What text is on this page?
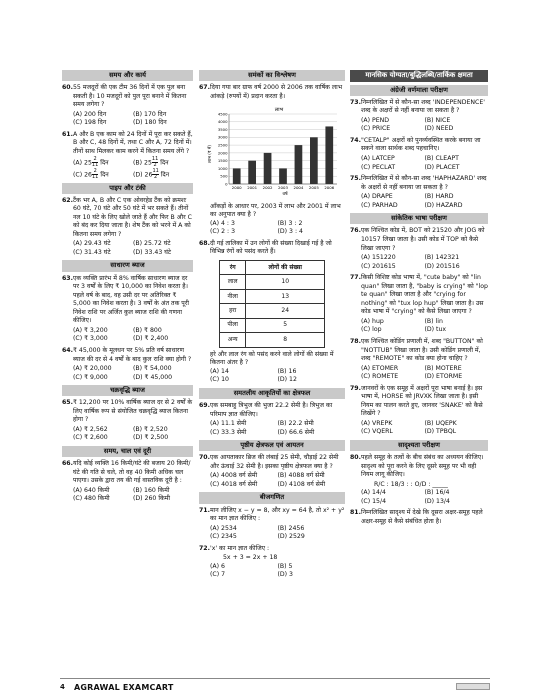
समय और कार्य
60. 55 मजदूरों की एक टीम 36 दिनों में एक पुल बना सकती है। 10 मजदूरों को पुल पूरा बनाने में कितना समय लगेगा ?
(A) 200 दिन	(B) 170 दिन
(C) 198 दिन	(D) 180 दिन
61. A और B एक काम को 24 दिनों में पूरा कर सकते हैं, B और C, 48 दिनों में, तथा C और A, 72 दिनों में। तीनों साथ मिलकर काम करने में कितना समय लेंगे ?
(A) $25 \frac{2}{11}$ दिन	(B) $25 \frac{11}{2}$ दिन
(C) $26 \frac{2}{11}$ दिन	(D) $26 \frac{11}{2}$ दिन
पाइप और टंकी
62. टैंक भर A, B और C एक ओवरहेड टैंक को क्रमशः 60 घंटे, 70 घंटे और 50 घंटे में भर सकते हैं। तीनों नल 10 घंटे के लिए खोले जाते हैं और फिर B और C को बंद कर दिया जाता है। शेष टैंक को भरने में A को कितना समय लगेगा ?
(A) 29.43 घंटे	(B) 25.72 घंटे
(C) 31.43 घंटे	(D) 33.43 घंटे
साधारण ब्याज
63. एक व्यक्ति प्रारंभ में 8% वार्षिक साधारण ब्याज दर पर 3 वर्षों के लिए ₹ 10,000 का निवेश करता है। पहले वर्ष के बाद, वह उसी दर पर अतिरिक्त ₹ 5,000 का निवेश करता है। 3 वर्षों के अंत तक पूरी निवेश राशि पर अर्जित कुल ब्याज राशि की गणना कीजिए।
(A) ₹ 3,200	(B) ₹ 800
(C) ₹ 3,000	(D) ₹ 2,400
64. ₹ 45,000 के मूलधन पर 5% प्रति वर्ष साधारण ब्याज की दर से 4 वर्षों के बाद कुल राशि क्या होगी ?
(A) ₹ 20,000	(B) ₹ 54,000
(C) ₹ 9,000	(D) ₹ 45,000
चक्रवृद्धि ब्याज
65. ₹ 12,200 पर 10% वार्षिक ब्याज दर से 2 वर्षों के लिए वार्षिक रूप से संयोजित चक्रवृद्धि ब्याज कितना होगा ?
(A) ₹ 2,562	(B) ₹ 2,520
(C) ₹ 2,600	(D) ₹ 2,500
समय, चाल एवं दूरी
66. यदि कोई व्यक्ति 16 किमी/घंटे की बजाय 20 किमी/घंटे की गति से चले, तो वह 40 किमी अधिक चल पाएगा। उसके द्वारा तय की गई वास्तविक दूरी है :
(A) 640 किमी	(B) 160 किमी
(C) 480 किमी	(D) 260 किमी
समंकों का विश्लेषण
67. दिया गया बार ग्राफ वर्ष 2000 से 2006 तक वार्षिक लाभ आंकड़े (रुपयों में) प्रदान करता है।
लाभ
लाभ (₹ में)
वर्ष
0
500
1000
1500
2000
2500
3000
3500
4000
4500
2000 2001 2002 2003 2004 2005 2006
आँकड़ों के आधार पर, 2003 में लाभ और 2001 में लाभ का अनुपात क्या है ?
(A) 4 : 3	(B) 3 : 2
(C) 2 : 3	(D) 3 : 4
68. दी गई तालिका में उन लोगों की संख्या दिखाई गई है जो विभिन्न रंगों को पसंद करते हैं।
रंग	लोगों की संख्या
लाल	10
नीला	13
हरा	24
पीला	5
अन्य	8
हरे और लाल रंग को पसंद करने वाले लोगों की संख्या में कितना अंतर है ?
(A) 14	(B) 16
(C) 10	(D) 12
समतलीय आकृतियों का क्षेत्रफल
69. एक समबाहु त्रिभुज की भुजा 22.2 सेमी है। त्रिभुज का परिमाप ज्ञात कीजिए।
(A) 11.1 सेमी	(B) 22.2 सेमी
(C) 33.3 सेमी	(D) 66.6 सेमी
पृष्ठीय क्षेत्रफल एवं आयतन
70. एक आयताकार ब्रिज की लंबाई 25 सेमी, चौड़ाई 22 सेमी और ऊंचाई 32 सेमी है। इसका पृष्ठीय क्षेत्रफल क्या है ?
(A) 4008 वर्ग सेमी	(B) 4088 वर्ग सेमी
(C) 4018 वर्ग सेमी	(D) 4108 वर्ग सेमी
बीजगणित
71. मान लीजिए x − y = 8, और xy = 64 है, तो x² + y² का मान ज्ञात कीजिए :
(A) 2534	(B) 2456
(C) 2345	(D) 2529
72. 'x' का मान ज्ञात कीजिए :
5x + 3 = 2x + 18
(A) 6	(B) 5
(C) 7	(D) 3
मानसिक योग्यता/बुद्धिलब्धि/तार्किक क्षमता
अंग्रेजी वर्णमाला परीक्षण
73. निम्नलिखित में से कौन-सा शब्द 'INDEPENDENCE' शब्द के अक्षरों से नहीं बनाया जा सकता है ?
(A) PEND	(B) NICE
(C) PRICE	(D) NEED
74. "CETALP" अक्षरों को पुनर्व्यवस्थित करके बनाया जा सकने वाला सार्थक शब्द पहचानिए।
(A) LATCEP	(B) CLEAPT
(C) PECLAT	(D) PLACET
75. निम्नलिखित में से कौन-सा शब्द 'HAPHAZARD' शब्द के अक्षरों से नहीं बनाया जा सकता है ?
(A) DRAPE	(B) HARD
(C) PARHAD	(D) HAZARD
सांकेतिक भाषा परीक्षण
76. एक निश्चित कोड में, BOT को 21520 और JOG को 10157 लिखा जाता है। उसी कोड में TOP को कैसे लिखा जाएगा ?
(A) 151220	(B) 142321
(C) 201615	(D) 201516
77. किसी विशिष्ट कोड भाषा में, "cute baby" को "lin quan" लिखा जाता है, "baby is crying" को "lop te quan" लिखा जाता है और "crying for nothing" को "tux lop hup" लिखा जाता है। उस कोड भाषा में "crying" को कैसे लिखा जाएगा ?
(A) hup	(B) lin
(C) lop	(D) tux
78. एक निश्चित कोडिंग प्रणाली में, शब्द "BUTTON" को "NOTTUB" लिखा जाता है। उसी कोडिंग प्रणाली में, शब्द "REMOTE" का कोड क्या होना चाहिए ?
(A) ETOMER	(B) MOTERE
(C) ROMETE	(D) ETORME
79. जानवरों के एक समूह में अक्षरों पूरा भाषा बनाई है। इस भाषा में, HORSE को JRVXK लिखा जाता है। इसी नियम का पालन करते हुए, जानवर 'SNAKE' को कैसे लिखेंगे ?
(A) VREPK	(B) UQEPK
(C) VQERL	(D) TPBQL
सादृश्यता परीक्षण
80. पहले समूह के तत्वों के बीच संबंध का अध्ययन कीजिए। सादृश्य को पूरा करने के लिए दूसरे समूह पर भी वही नियम लागू कीजिए।
R/C : 18/3 : : O/D : _____
(A) 14/4	(B) 16/4
(C) 15/4	(D) 13/4
81. निम्नलिखित सादृश्य में देखे कि दूसरा अक्षर-समूह पहले अक्षर-समूह से कैसे संबंधित होता है।
4 AGRAWAL EXAMCART
